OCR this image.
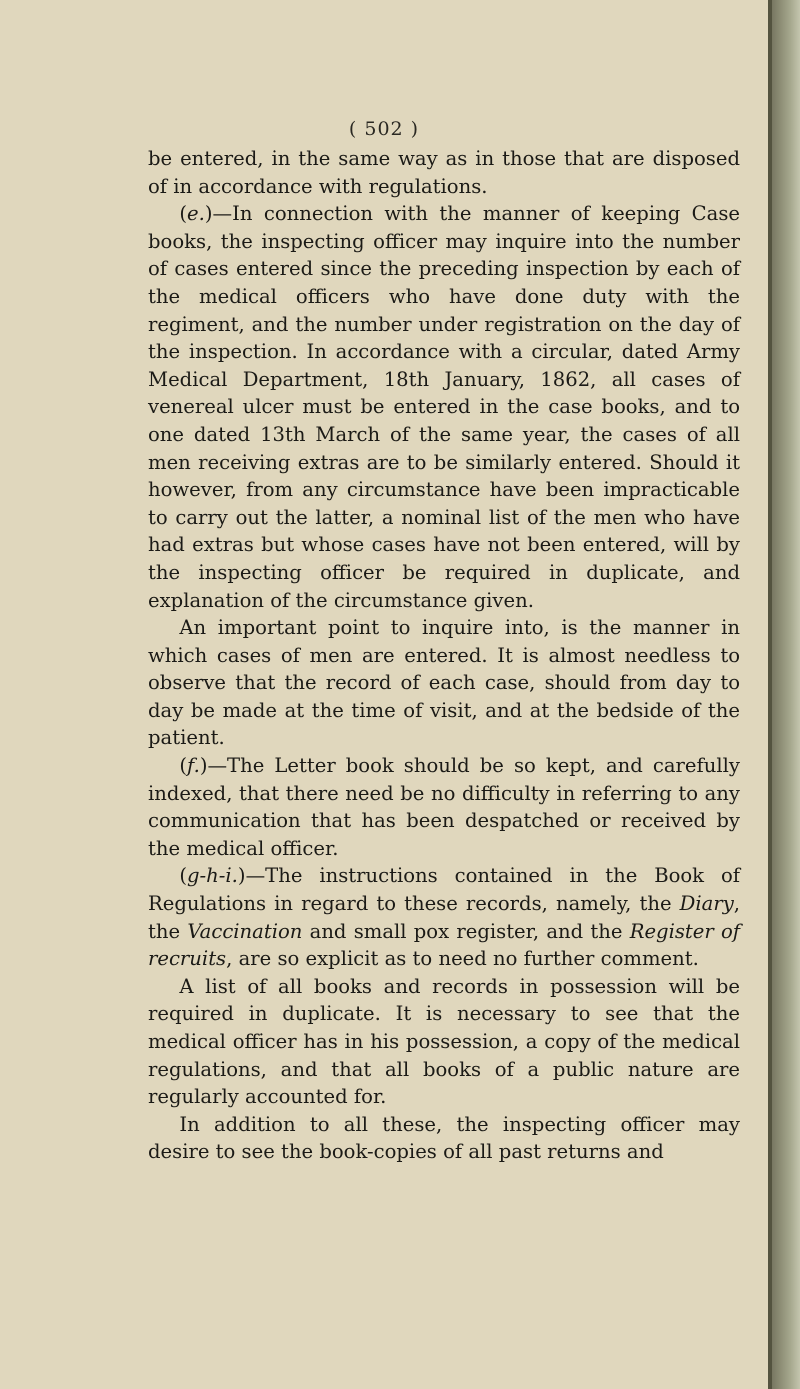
( 502 )

be entered, in the same way as in those that are disposed of in accordance with regulations.

(e.)—In connection with the manner of keeping Case books, the inspecting officer may inquire into the number of cases entered since the preceding inspection by each of the medical officers who have done duty with the regiment, and the number under registration on the day of the inspection. In accordance with a circular, dated Army Medical Department, 18th January, 1862, all cases of venereal ulcer must be entered in the case books, and to one dated 13th March of the same year, the cases of all men receiving extras are to be similarly entered. Should it however, from any circumstance have been impracticable to carry out the latter, a nominal list of the men who have had extras but whose cases have not been entered, will by the inspecting officer be required in duplicate, and explanation of the circumstance given.

An important point to inquire into, is the manner in which cases of men are entered. It is almost needless to observe that the record of each case, should from day to day be made at the time of visit, and at the bedside of the patient.

(f.)—The Letter book should be so kept, and carefully indexed, that there need be no difficulty in referring to any communication that has been despatched or received by the medical officer.

(g-h-i.)—The instructions contained in the Book of Regulations in regard to these records, namely, the Diary, the Vaccination and small pox register, and the Register of recruits, are so explicit as to need no further comment.

A list of all books and records in possession will be required in duplicate. It is necessary to see that the medical officer has in his possession, a copy of the medical regulations, and that all books of a public nature are regularly accounted for.

In addition to all these, the inspecting officer may desire to see the book-copies of all past returns and
